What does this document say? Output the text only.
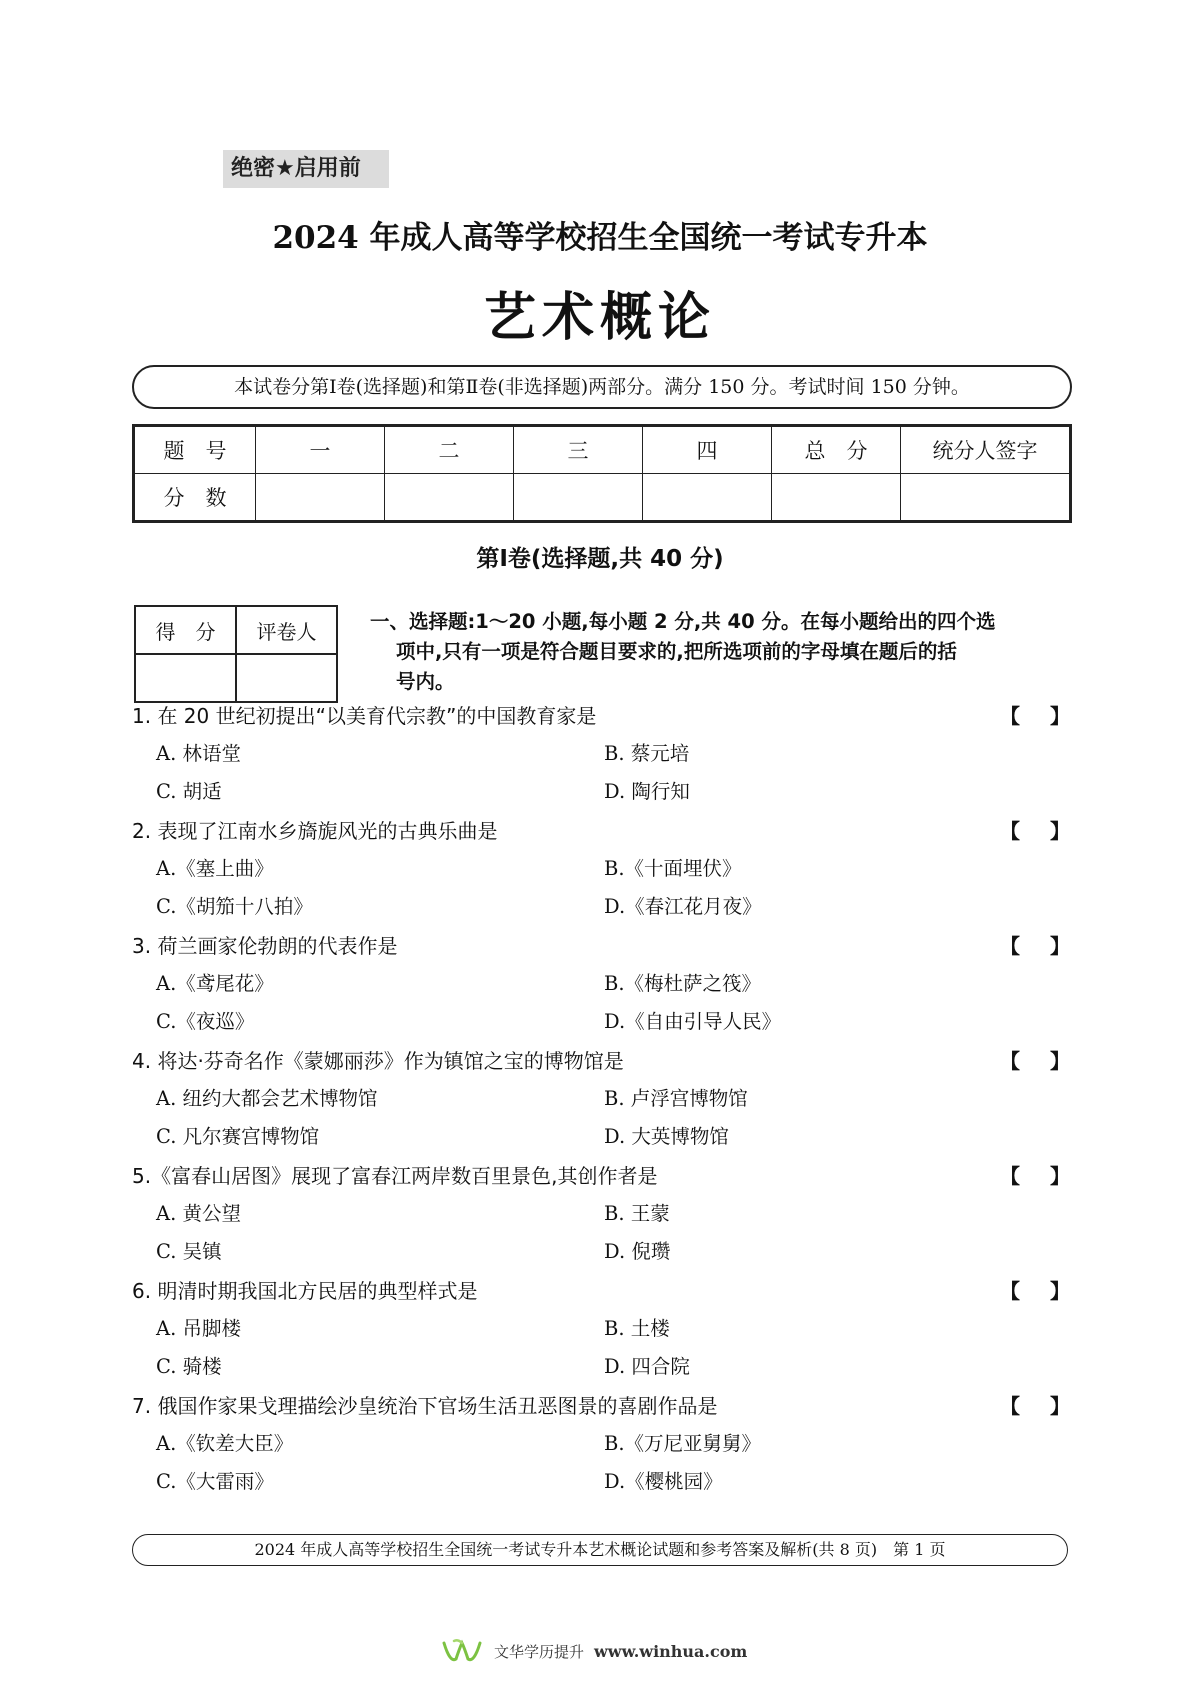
绝密★启用前
2024 年成人高等学校招生全国统一考试专升本
艺术概论
本试卷分第Ⅰ卷(选择题)和第Ⅱ卷(非选择题)两部分。满分 150 分。考试时间 150 分钟。
题　号	一	二	三	四	总　分	统分人签字
分　数						
第Ⅰ卷(选择题,共 40 分)
得　分	评卷人
		一、选择题:1～20 小题,每小题 2 分,共 40 分。在每小题给出的四个选
项中,只有一项是符合题目要求的,把所选项前的字母填在题后的括
号内。
1. 在 20 世纪初提出“以美育代宗教”的中国教育家是	【 】
A. 林语堂	B. 蔡元培
C. 胡适	D. 陶行知
2. 表现了江南水乡旖旎风光的古典乐曲是	【 】
A.《塞上曲》	B.《十面埋伏》
C.《胡笳十八拍》	D.《春江花月夜》
3. 荷兰画家伦勃朗的代表作是	【 】
A.《鸢尾花》	B.《梅杜萨之筏》
C.《夜巡》	D.《自由引导人民》
4. 将达·芬奇名作《蒙娜丽莎》作为镇馆之宝的博物馆是	【 】
A. 纽约大都会艺术博物馆	B. 卢浮宫博物馆
C. 凡尔赛宫博物馆	D. 大英博物馆
5.《富春山居图》展现了富春江两岸数百里景色,其创作者是	【 】
A. 黄公望	B. 王蒙
C. 吴镇	D. 倪瓒
6. 明清时期我国北方民居的典型样式是	【 】
A. 吊脚楼	B. 土楼
C. 骑楼	D. 四合院
7. 俄国作家果戈理描绘沙皇统治下官场生活丑恶图景的喜剧作品是	【 】
A.《钦差大臣》	B.《万尼亚舅舅》
C.《大雷雨》	D.《樱桃园》
2024 年成人高等学校招生全国统一考试专升本艺术概论试题和参考答案及解析(共 8 页)　第 1 页
文华学历提升 www.winhua.com
